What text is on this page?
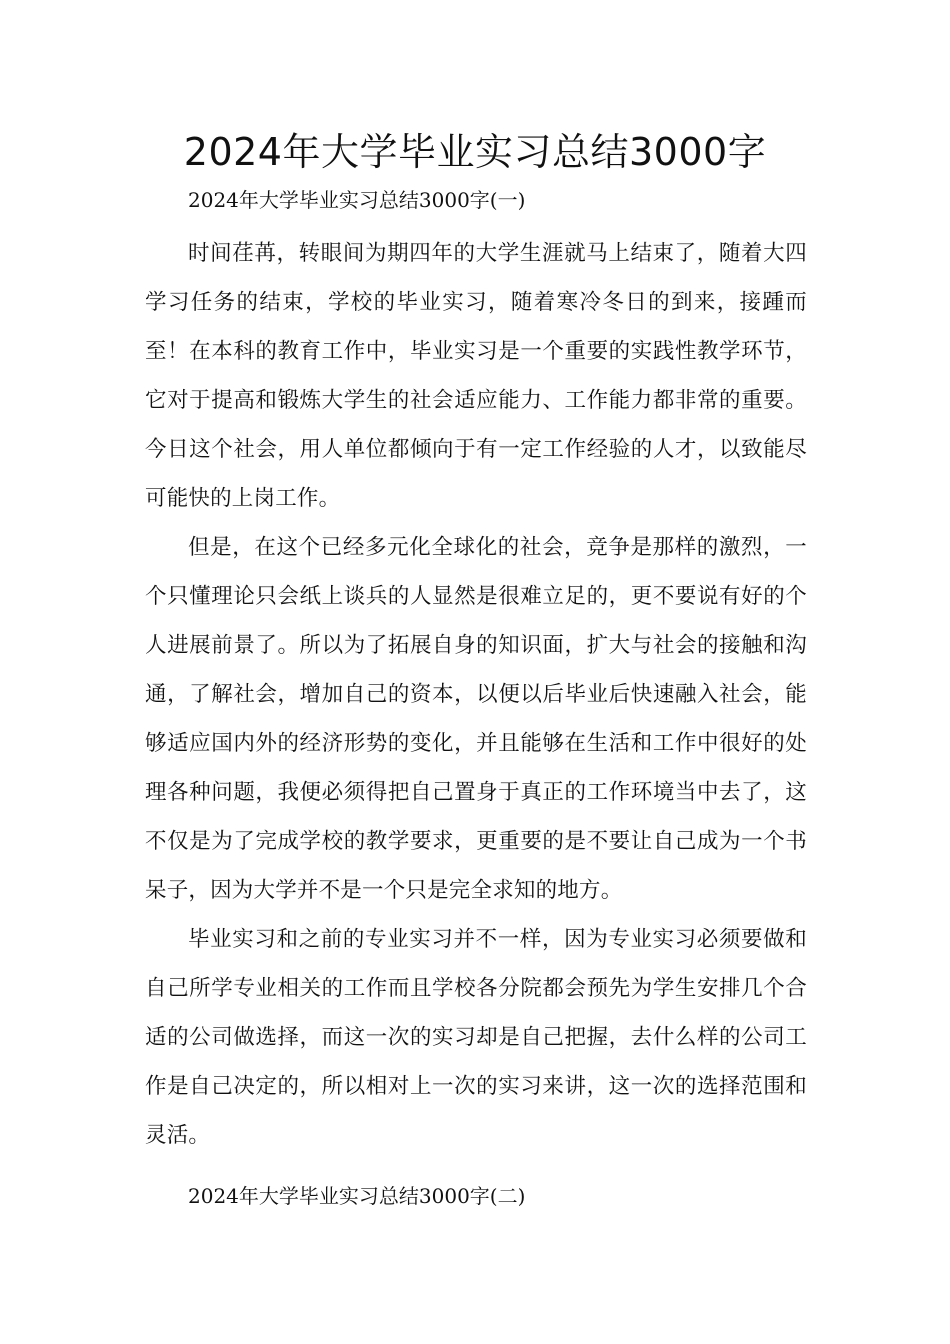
2024年大学毕业实习总结3000字

2024年大学毕业实习总结3000字(一)

时间荏苒，转眼间为期四年的大学生涯就马上结束了，随着大四学习任务的结束，学校的毕业实习，随着寒冷冬日的到来，接踵而至！在本科的教育工作中，毕业实习是一个重要的实践性教学环节，它对于提高和锻炼大学生的社会适应能力、工作能力都非常的重要。今日这个社会，用人单位都倾向于有一定工作经验的人才，以致能尽可能快的上岗工作。

但是，在这个已经多元化全球化的社会，竞争是那样的激烈，一个只懂理论只会纸上谈兵的人显然是很难立足的，更不要说有好的个人进展前景了。所以为了拓展自身的知识面，扩大与社会的接触和沟通，了解社会，增加自己的资本，以便以后毕业后快速融入社会，能够适应国内外的经济形势的变化，并且能够在生活和工作中很好的处理各种问题，我便必须得把自己置身于真正的工作环境当中去了，这不仅是为了完成学校的教学要求，更重要的是不要让自己成为一个书呆子，因为大学并不是一个只是完全求知的地方。

毕业实习和之前的专业实习并不一样，因为专业实习必须要做和自己所学专业相关的工作而且学校各分院都会预先为学生安排几个合适的公司做选择，而这一次的实习却是自己把握，去什么样的公司工作是自己决定的，所以相对上一次的实习来讲，这一次的选择范围和灵活。

2024年大学毕业实习总结3000字(二)
